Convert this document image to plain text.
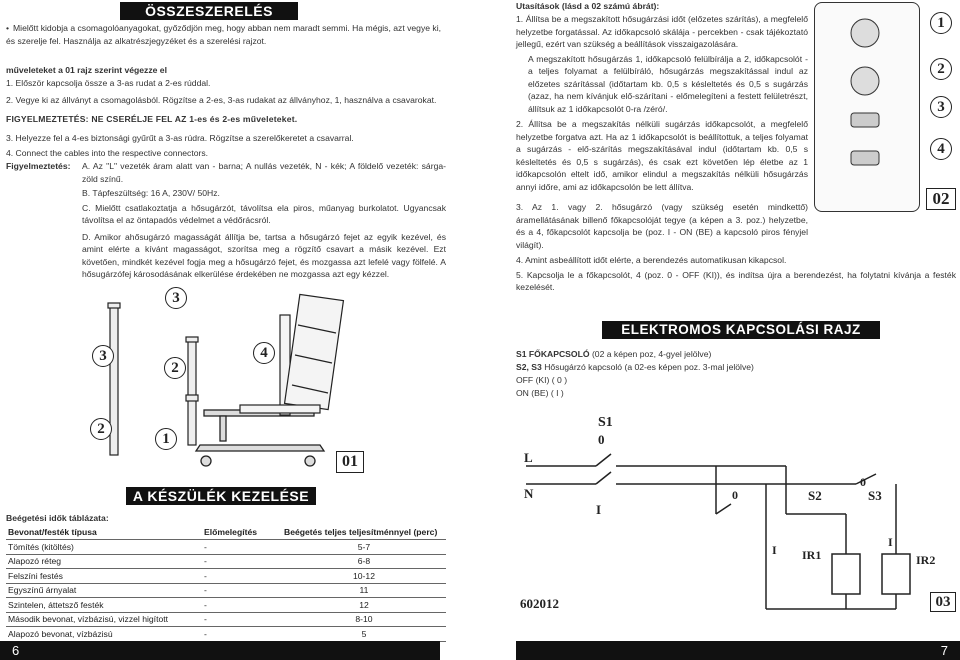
ÖSSZESZERELÉS
• Mielőtt kidobja a csomagolóanyagokat, győződjön meg, hogy abban nem maradt semmi. Ha mégis, azt vegye ki, és szerelje fel. Használja az alkatrészjegyzéket és a szerelési rajzot.
műveleteket a 01 rajz szerint végezze el
1. Először kapcsolja össze a 3-as rudat a 2-es rúddal.
2. Vegye ki az állványt a csomagolásból. Rögzítse a 2-es, 3-as rudakat az állványhoz, 1, használva a csavarokat.
FIGYELMEZTETÉS: NE CSERÉLJE FEL AZ 1-es és 2-es műveleteket.
3. Helyezze fel a 4-es biztonsági gyűrűt a 3-as rúdra. Rögzítse a szerelőkeretet a csavarral.
4. Connect the cables into the respective connectors.
Figyelmeztetés:	A. Az "L" vezeték áram alatt van - barna; A nullás vezeték, N - kék; A földelő vezeték: sárga-zöld színű.
B. Tápfeszültség: 16 A, 230V/ 50Hz.
C. Mielőtt csatlakoztatja a hősugárzót, távolítsa ela piros, műanyag burkolatot. Ugyancsak távolítsa el az öntapadós védelmet a védőrácsról.
D. Amikor ahősugárzó magasságát állítja be, tartsa a hősugárzó fejet az egyik kezével, és amint elérte a kívánt magasságot, szorítsa meg a rögzítő csavart a másik kezével. Ezt követően, mindkét kezével fogja meg a hősugárzó fejet, és mozgassa azt lefelé vagy fölfelé. A hősugárzófej károsodásának elkerülése érdekében ne mozgassa azt egy kézzel.
3
3
2
4
2
1
01
A KÉSZÜLÉK KEZELÉSE
Beégetési idők táblázata:
Bevonat/festék típusa	Előmelegítés	Beégetés teljes teljesítménnyel (perc)
Tömítés (kitöltés)	-	5-7
Alapozó réteg	-	6-8
Felszíni festés	-	10-12
Egyszínű árnyalat	-	11
Szintelen, áttetsző festék	-	12
Második bevonat, vízbázisú, vizzel higított	-	8-10
Alapozó bevonat, vízbázisú	-	5
6
Utasítások (lásd a 02 számú ábrát):
1. Állítsa be a megszakított hősugárzási időt (előzetes szárítás), a megfelelő helyzetbe forgatással. Az időkapcsoló skálája - percekben - csak tájékoztató jellegű, ezért van szükség a beállítások visszaigazolására.
A megszakított hősugárzás 1, időkapcsoló felülbírálja a 2, időkapcsolót - a teljes folyamat a felülbíráló, hősugárzás megszakítással indul az előzetes szárítással (időtartam kb. 0,5 s késleltetés és 0,5 s sugárzás (azaz, ha nem kívánjuk elő-szárítani - előmelegíteni a festett felületrészt, állítsuk az 1 időkapcsolót 0-ra /zéró/.
2. Állítsa be a megszakítás nélküli sugárzás időkapcsolót, a megfelelő helyzetbe forgatva azt. Ha az 1 időkapcsolót is beállítottuk, a teljes folyamat a sugárzás - elő-szárítás megszakításával indul (időtartam kb. 0,5 s késleltetés és 0,5 s sugárzás), és csak ezt követően lép életbe az 1 időkapcsolón eltelt idő, amikor elindul a megszakítás nélküli hősugárzás annyi időre, ami az időkapcsolón be lett állítva.
3. Az 1. vagy 2. hősugárzó (vagy szükség esetén mindkettő) áramellátásának billenő főkapcsolóját tegye (a képen a 3. poz.) helyzetbe, és a 4, főkapcsolót kapcsolja be (poz. I - ON (BE) a kapcsoló piros fényjel világít).
4. Amint asbeállított időt elérte, a berendezés automatikusan kikapcsol.
5. Kapcsolja le a főkapcsolót, 4 (poz. 0 - OFF (KI)), és indítsa újra a berendezést, ha folytatni kívánja a festék kezelését.
1
2
3
4
02
ELEKTROMOS KAPCSOLÁSI RAJZ
S1 FŐKAPCSOLÓ (02 a képen poz, 4-gyel jelölve)
S2, S3 Hősugárzó kapcsoló (a 02-es képen poz. 3-mal jelölve)
OFF (KI) ( 0 )
ON (BE) ( I )
S1
0
L
N
I
S2	S3
IR1	IR2
0
0
I
I
602012	03
7
